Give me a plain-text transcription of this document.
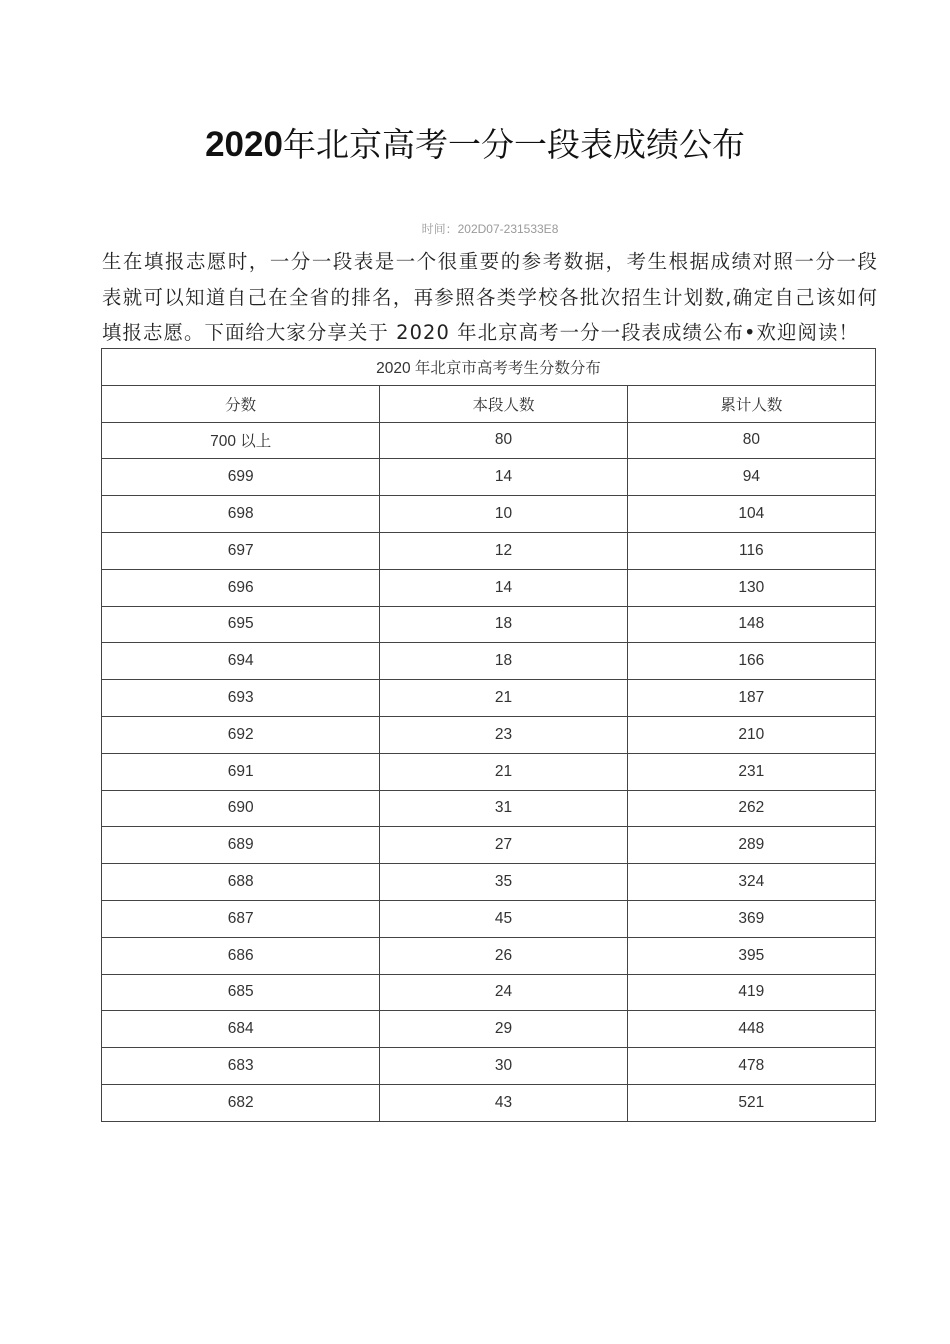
2020年北京高考一分一段表成绩公布
时间：202D07-231533E8

生在填报志愿时，一分一段表是一个很重要的参考数据，考生根据成绩对照一分一段表就可以知道自己在全省的排名，再参照各类学校各批次招生计划数,确定自己该如何填报志愿。下面给大家分享关于 2020 年北京高考一分一段表成绩公布•欢迎阅读！

2020 年北京市高考考生分数分布		
分数	本段人数	累计人数
700 以上	80	80
699	14	94
698	10	104
697	12	116
696	14	130
695	18	148
694	18	166
693	21	187
692	23	210
691	21	231
690	31	262
689	27	289
688	35	324
687	45	369
686	26	395
685	24	419
684	29	448
683	30	478
682	43	521
